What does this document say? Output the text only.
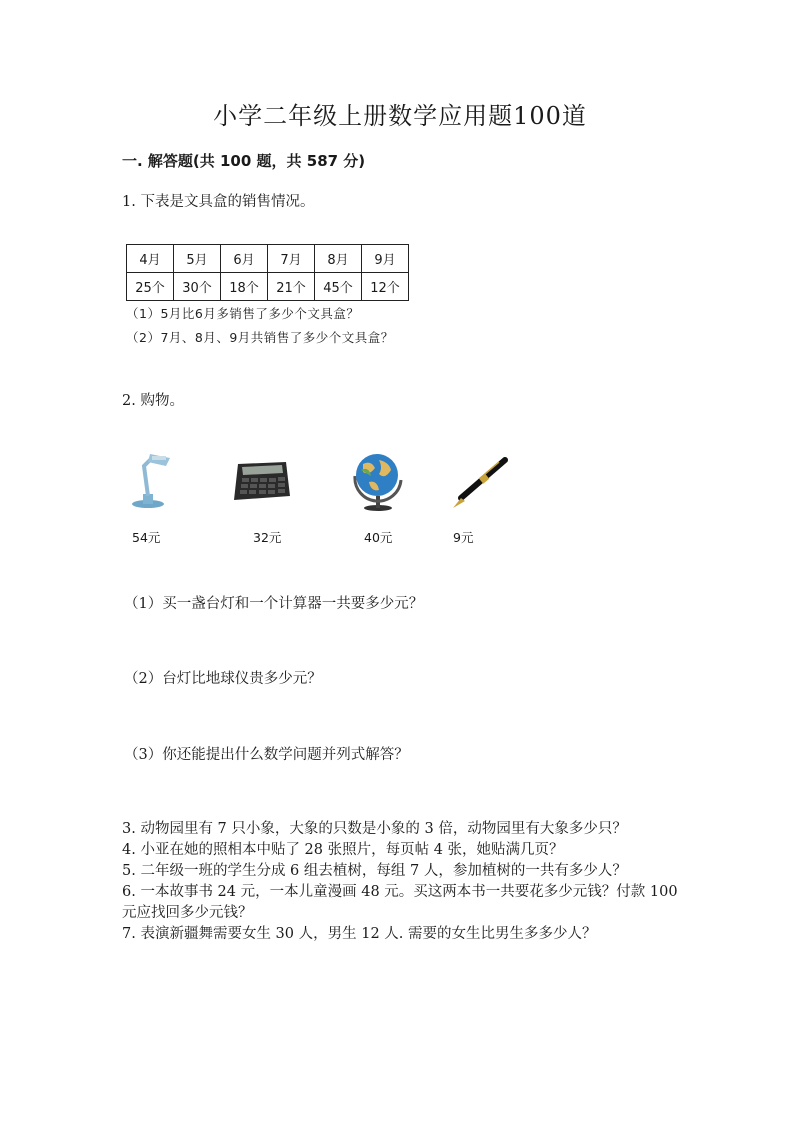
小学二年级上册数学应用题100道
一. 解答题(共 100 题，共 587 分)
1. 下表是文具盒的销售情况。
4月	5月	6月	7月	8月	9月
25个	30个	18个	21个	45个	12个
（1）5月比6月多销售了多少个文具盒？
（2）7月、8月、9月共销售了多少个文具盒？
2. 购物。
54元	32元	40元	9元
（1）买一盏台灯和一个计算器一共要多少元？
（2）台灯比地球仪贵多少元？
（3）你还能提出什么数学问题并列式解答？
3. 动物园里有 7 只小象，大象的只数是小象的 3 倍，动物园里有大象多少只？
4. 小亚在她的照相本中贴了 28 张照片，每页帖 4 张，她贴满几页？
5. 二年级一班的学生分成 6 组去植树，每组 7 人，参加植树的一共有多少人？
6. 一本故事书 24 元，一本儿童漫画 48 元。买这两本书一共要花多少元钱？付款 100 元应找回多少元钱？
7. 表演新疆舞需要女生 30 人，男生 12 人. 需要的女生比男生多多少人？
